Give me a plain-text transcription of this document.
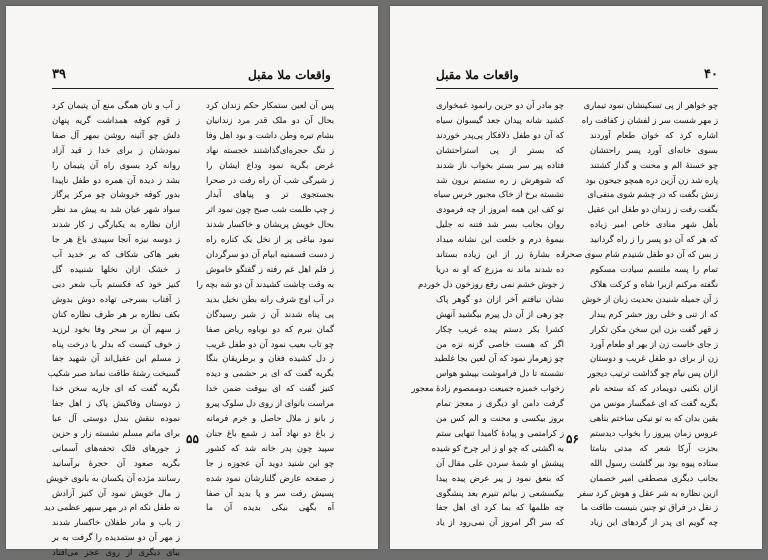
واقعات ملا مقبل
۳۹
پس آن لعین ستمکار حکم زندان کرد
بحال آن دو ملک قدر مرد زندانیان
بشام تیره وطن داشت و بود اهل وفا
ز تنگ حجره‌ای‌گذاشتند خجسته نهاد
غرض بگریه نمود وداع ایشان را
ز شیرگی شب آن راه رفت در صحرا
بجستجوی تر و پیاهای آبدار
ز چپ ظلمت شب صبح چون نمود اثر
بحال خویش پریشان و خاکسار شدند
نمود بیاغی پر از نخل یک کناره راه
ز دست قسمنیه ابیام آن دو سرگردان
ز فلم اهل غم رفته ز گفتگو خاموش
به وقت چاشت کشیدند آن دو شه بچه را
در آب اوج شرف رانه بطن نخیل بدید
پی پناه شدند آن ز شیر رسیدگان
گمان نبرم که دو نوباوه ریاض صفا
چو تاب بعیب نمود آن دو طفل غریب
ز دل کشیده فغان و برطریقان بنگا
بگریه گفت که ای بر حشمی و دیده
کنیز گفت که ای بیوقت ضمن خدا
مراست بانوای از روی دل سلوک پیرو
ز بانو ز ملال حاصل و خرم فرمانه
ز باغ دو نهاد آمد ز شمع باغ جنان
سپید چون پدر خانه شد که کشور
چو این شنید دوید آن عجوزه ز جا
ز صفحه عارض گلنارشان نمود شده
پسیش رفت سر و پا بدید آن صفا
آه بگهی بیکی بدیده آن ما
ز آب و نان همگی منع آن پتیمان کرد
ز قوم کوفه همداشت گریه پنهان
دلش چو آئینه روشن بمهر آل صفا
نمودشان ز برای خدا ز قید آزاد
روانه کرد بسوی راه آن پتیمان را
بشد ز دیدة آن همره دو طفل ناپیدا
بدور کوفه خروشان چو مرکز پرگار
سواد شهر عیان شد به پیش مد نظر
ازان نظاره به یکبارگی ز کار شدند
ز دوسه نیزه آنجا سپیدی باغ هر جا
بغیر هاکی شکاف که بر خدید آب
ز خشک ازان نخلها شنبیده گل
کنیز خود که فکستم بآب شعر دبی
ز آفتاب بسرجی تهاده دوش بدوش
بکف نظاره بر هر طرف نظاره کنان
ز سهم آن بر سحر وفا بخود لرزید
ز خوف کیست که بدلر یا درخت پناه
ز مسلم این عقیل‌اند آن شهید جفا
گسیخت رشتهٔ طاقت نماند صبر شکیب
بگریه گفت که ای جاریه سخن خدا
ز دوستان وفاکیش پاک ز اهل جفا
نموده ننقش بندل دوستی آل عبا
برای ماتم مسلم نشسته زار و حزین
ز جورهای فلک تحفه‌های آسمانی
بگریه صعود آن حجرهٔ برآسانید
رسانند مژده آن یکسان به بانوی خویش
ز مال خویش نمود آن کنیز آزادش
نه طفل نکه ام در مهر سپهر عظمی دید
ز باب و مادر طفلان خاکسار شدند
ز مهر آن دو ستمدیده را گرفت به بر
ببای دیگری از روی عجز می‌افتاد
۵۵
واقعات ملا مقبل	۴۰
چو خواهر از پی تسکینشان نمود تیماری
ز مهر شست سر ز لفشان ز کفافت راه
اشاره کرد که خوان طعام آوردند
بسوی خانه‌ای آورد پسر راحتشان
چو خستهٔ الم و محنت و گداز کشتند
پاره شد زن آزین دره همچو جیحون بود
زنش بگفت که در چشم شوی منفی‌ای
بگفت رفت ز زندان دو طفل ابن عقیل
بأهل شهر منادی خاص امیر زیاده
که هر که آن دو پسر را ز راه گردانید
ز بس که آن دو طفل شنیدم شام سوی صحرا
تمام را پسه ملتسم سیادت مسکوم
نگفته مرکنم ازبرا شاه و کرکت هلاک
ز آن جمیله شنیدن بحدیث زبان از خوش
که از تنی و خلی روز حشر کرم یبدار
ز قهر گفت بزن این سخن مکن تکرار
ز جای خاست زن از بهر او طعام آورد
زن از برای دو طفل غریب و دوستان
ازان پس نیام چو گذاشت ترتیب دیجور
ازان بکنیی دویمادر که که ستحه نام
بگریه گفت که ای غمگسار مونس من
یقین بدان که به تو نیکی ساختم بناهی
عروس زمان پیروز را بخواب دیدستم
بجزت آرکا شعر که مدتی بنامتا
ستاده پیوه بود بیر گلشت رسول الله
بجانب دیگری مصطفی امیر خصمان
ازین نظاره به شر عقل و هوش کرد سفر
ز نقل در فراق تو چنین بنیست طاقت ما
چه گویم ای پدر از گردهای این زیاد
چو مادر آن دو حزین رانمود غمخواری
کشید شانه پیدان جعد گیسوان سیاه
که آن دو طفل دلافکار پی‌پدر خوردند
که بستر از پی استراحتشان
فتاده پیر سر بستر بخواب ناز شدند
که شوهرش ز ره ستمتم برون شد
نشسته برخ از خاک مجبور خرس سیاه
تو کف این همه امروز از چه فرمودی
روان بجانب بسر شد فتنه نه جلیل
بیموهٔ درم و خلعت این نشانه میداد
ده بشارهٔ زر از این زیاده بستاند
ده شدند ماند نه مزرع که او نه دریا
ز جوش خشم نمی رفع روزخون دل خوردم
نشان نیافتم آخر ازان دو گوهر پاک
چو رهی از آن دل پیرم بیگشید آنهش
کشرا بکر دستم پیده غریب چکار
اگر که هست خاصی گزنه نزه من
چو زهرمار نمود که آن لعین بجا غلطید
نشسته تا دل فراموشت بپیشو هواس
زخواب خمیزه جمیعت دوممصوم زادهٔ معجور
گرفت دامن او دیگری ز معجز تمام
بروز بیکسی و محنت و الم کس من
ز کرامتمی و پیادهٔ کامیدا تنهایی ستم
به اگشتی که چو او ز ایر چرخ کو شیده
پیشش او شمهٔ سردن علی مقال آن
که بنعق نمود ز پیر عرض پیده پیدا
بیکسشعی ز بیاتم تنیرم بعد پنشگوی
چه ظلمها که بما کرد ای اهل جفا
که سر اگر امروز آن نمی‌رود از یاد
۵۶
